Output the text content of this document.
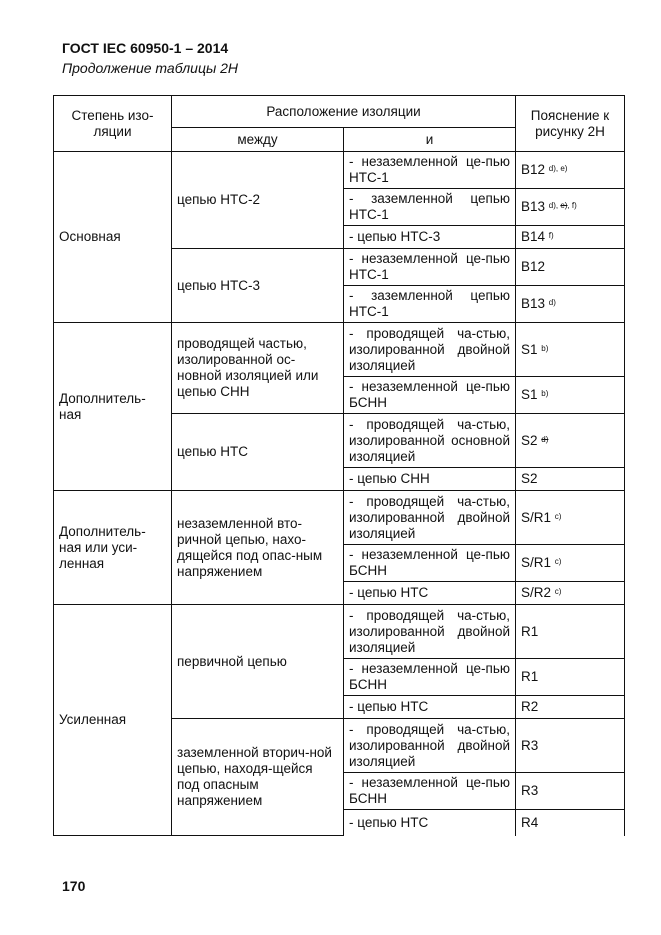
ГОСТ IEC 60950-1 – 2014
Продолжение таблицы 2Н
Степень изо-ляции	Расположение изоляции		Пояснение к рисунку 2Н
	между	и	
Основная	цепью НТС-2	- незаземленной це-пью НТС-1	B12 $^{d), e)}$
		- заземленной цепью НТС-1	B13 $^{d), e), f)}$
		- цепью НТС-3	B14 $^{f)}$
	цепью НТС-3	- незаземленной це-пью НТС-1	B12
		- заземленной цепью НТС-1	B13 $^{d)}$
Дополнитель-ная	проводящей частью, изолированной ос-новной изоляцией или цепью СНН	- проводящей ча-стью, изолированной двойной изоляцией	S1 $^{b)}$
		- незаземленной це-пью БСНН	S1 $^{b)}$
	цепью НТС	- проводящей ча-стью, изолированной основной изоляцией	S2 $^{d)}$
		- цепью СНН	S2
Дополнитель-ная или уси-ленная	незаземленной вто-ричной цепью, нахо-дящейся под опас-ным напряжением	- проводящей ча-стью, изолированной двойной изоляцией	S/R1 $^{c)}$
		- незаземленной це-пью БСНН	S/R1 $^{c)}$
		- цепью НТС	S/R2 $^{c)}$
Усиленная	первичной цепью	- проводящей ча-стью, изолированной двойной изоляцией	R1
		- незаземленной це-пью БСНН	R1
		- цепью НТС	R2
	заземленной вторич-ной цепью, находя-щейся под опасным напряжением	- проводящей ча-стью, изолированной двойной изоляцией	R3
		- незаземленной це-пью БСНН	R3
		- цепью НТС	R4
170
